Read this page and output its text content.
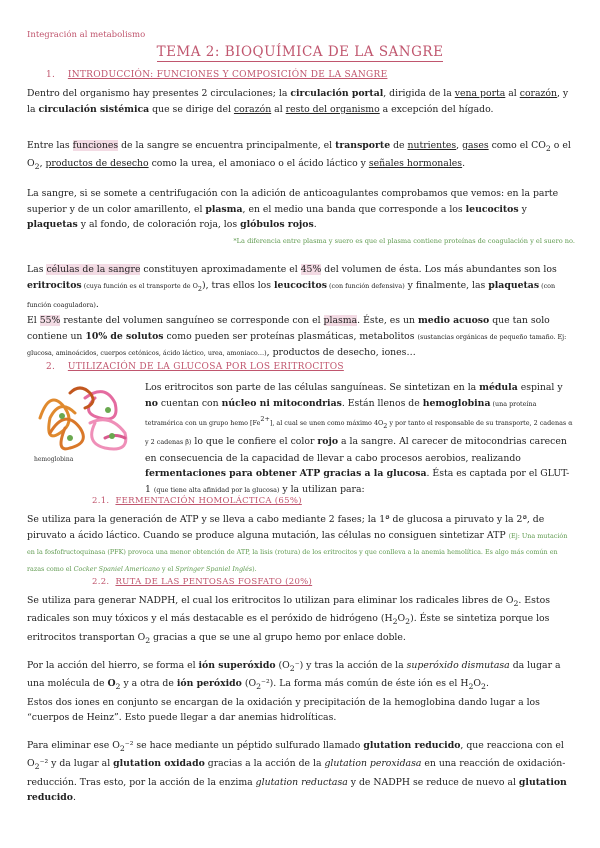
Integración al metabolismo
TEMA 2: BIOQUÍMICA DE LA SANGRE
1. INTRODUCCIÓN: FUNCIONES Y COMPOSICIÓN DE LA SANGRE
Dentro del organismo hay presentes 2 circulaciones; la circulación portal, dirigida de la vena porta al corazón, y la circulación sistémica que se dirige del corazón al resto del organismo a excepción del hígado.
Entre las funciones de la sangre se encuentra principalmente, el transporte de nutrientes, gases como el $CO_2$ o el $O_2$, productos de desecho como la urea, el amoniaco o el ácido láctico y señales hormonales.
La sangre, si se somete a centrifugación con la adición de anticoagulantes comprobamos que vemos: en la parte superior y de un color amarillento, el plasma, en el medio una banda que corresponde a los leucocitos y plaquetas y al fondo, de coloración roja, los glóbulos rojos.
*La diferencia entre plasma y suero es que el plasma contiene proteínas de coagulación y el suero no.
Las células de la sangre constituyen aproximadamente el 45% del volumen de ésta. Los más abundantes son los eritrocitos (cuya función es el transporte de $O_2$), tras ellos los leucocitos (con función defensiva) y finalmente, las plaquetas (con función coaguladora).
El 55% restante del volumen sanguíneo se corresponde con el plasma. Éste, es un medio acuoso que tan solo contiene un 10% de solutos como pueden ser proteínas plasmáticas, metabolitos (sustancias orgánicas de pequeño tamaño. Ej: glucosa, aminoácidos, cuerpos cetónicos, ácido láctico, urea, amoniaco…), productos de desecho, iones…
2. UTILIZACIÓN DE LA GLUCOSA POR LOS ERITROCITOS
hemoglobina
Los eritrocitos son parte de las células sanguíneas. Se sintetizan en la médula espinal y no cuentan con núcleo ni mitocondrias. Están llenos de hemoglobina (una proteína tetramérica con un grupo hemo $[Fe^{2+}]$, al cual se unen como máximo $4O_2$ y por tanto el responsable de su transporte, 2 cadenas α y 2 cadenas β) lo que le confiere el color rojo a la sangre. Al carecer de mitocondrias carecen en consecuencia de la capacidad de llevar a cabo procesos aerobios, realizando fermentaciones para obtener ATP gracias a la glucosa. Ésta es captada por el GLUT-1 (que tiene alta afinidad por la glucosa) y la utilizan para:
2.1. FERMENTACIÓN HOMOLÁCTICA (65%)
Se utiliza para la generación de ATP y se lleva a cabo mediante 2 fases; la 1ª de glucosa a piruvato y la 2ª, de piruvato a ácido láctico. Cuando se produce alguna mutación, las células no consiguen sintetizar ATP (Ej: Una mutación en la fosfofructoquinasa (PFK) provoca una menor obtención de ATP, la lisis (rotura) de los eritrocitos y que conlleva a la anemia hemolítica. Es algo más común en razas como el Cocker Spaniel Americano y el Springer Spaniel Inglés).
2.2. RUTA DE LAS PENTOSAS FOSFATO (20%)
Se utiliza para generar NADPH, el cual los eritrocitos lo utilizan para eliminar los radicales libres de $O_2$. Estos radicales son muy tóxicos y el más destacable es el peróxido de hidrógeno $(H_2O_2)$. Éste se sintetiza porque los eritrocitos transportan $O_2$ gracias a que se une al grupo hemo por enlace doble.
Por la acción del hierro, se forma el ión superóxido $(O_2^-)$ y tras la acción de la superóxido dismutasa da lugar a una molécula de $O_2$ y a otra de ión peróxido $(O_2^{-2})$. La forma más común de éste ión es el $H_2O_2$.
Estos dos iones en conjunto se encargan de la oxidación y precipitación de la hemoglobina dando lugar a los “cuerpos de Heinz”. Esto puede llegar a dar anemias hidrolíticas.
Para eliminar ese $O_2^{-2}$ se hace mediante un péptido sulfurado llamado glutation reducido, que reacciona con el $O_2^{-2}$ y da lugar al glutation oxidado gracias a la acción de la glutation peroxidasa en una reacción de oxidación-reducción. Tras esto, por la acción de la enzima glutation reductasa y de NADPH se reduce de nuevo al glutation reducido.
